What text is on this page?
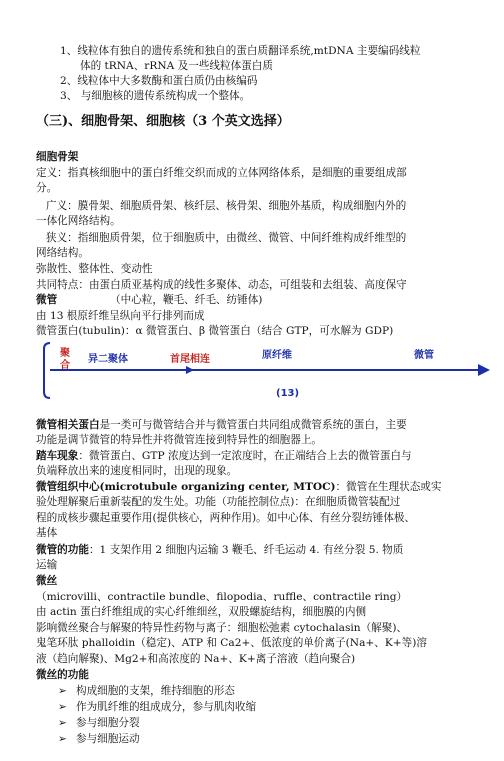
1、线粒体有独自的遗传系统和独自的蛋白质翻译系统,mtDNA 主要编码线粒
体的 tRNA、rRNA 及一些线粒体蛋白质
2、线粒体中大多数酶和蛋白质仍由核编码
3、 与细胞核的遗传系统构成一个整体。
（三)、细胞骨架、细胞核（3 个英文选择）
细胞骨架
定义：指真核细胞中的蛋白纤维交织而成的立体网络体系，是细胞的重要组成部
分。
广义：膜骨架、细胞质骨架、核纤层、核骨架、细胞外基质，构成细胞内外的
一体化网络结构。
狭义：指细胞质骨架，位于细胞质中，由微丝、微管、中间纤维构成纤维型的
网络结构。
弥散性、整体性、变动性
共同特点：由蛋白质亚基构成的线性多聚体、动态，可组装和去组装、高度保守
微管	（中心粒，鞭毛、纤毛、纺锤体)
由 13 根原纤维呈纵向平行排列而成
微管蛋白(tubulin)：α 微管蛋白、β 微管蛋白（结合 GTP，可水解为 GDP)
聚合
异二聚体	首尾相连	原纤维	微管
(13)
微管相关蛋白是一类可与微管结合并与微管蛋白共同组成微管系统的蛋白，主要
功能是调节微管的特异性并将微管连接到特异性的细胞器上。
踏车现象：微管蛋白、GTP 浓度达到一定浓度时，在正端结合上去的微管蛋白与
负端释放出来的速度相同时，出现的现象。
微管组织中心(microtubule organizing center, MTOC)：微管在生理状态或实
验处理解聚后重新装配的发生处。功能（功能控制位点)：在细胞质微管装配过
程的成核步骤起重要作用(提供核心，两种作用)。如中心体、有丝分裂纺锤体极、
基体
微管的功能：1 支架作用 2 细胞内运输 3 鞭毛、纤毛运动 4. 有丝分裂 5. 物质
运输
微丝
（microvilli、contractile bundle、filopodia、ruffle、contractile ring）
由 actin 蛋白纤维组成的实心纤维细丝，双股螺旋结构，细胞膜的内侧
影响微丝聚合与解聚的特异性药物与离子：细胞松弛素 cytochalasin（解聚)、
鬼笔环肽 phalloidin（稳定)、ATP 和 Ca2+、低浓度的单价离子(Na+、K+等)溶
液（趋向解聚)、Mg2+和高浓度的 Na+、K+离子溶液（趋向聚合)
微丝的功能
➢ 构成细胞的支架，维持细胞的形态
➢ 作为肌纤维的组成成分，参与肌肉收缩
➢ 参与细胞分裂
➢ 参与细胞运动
